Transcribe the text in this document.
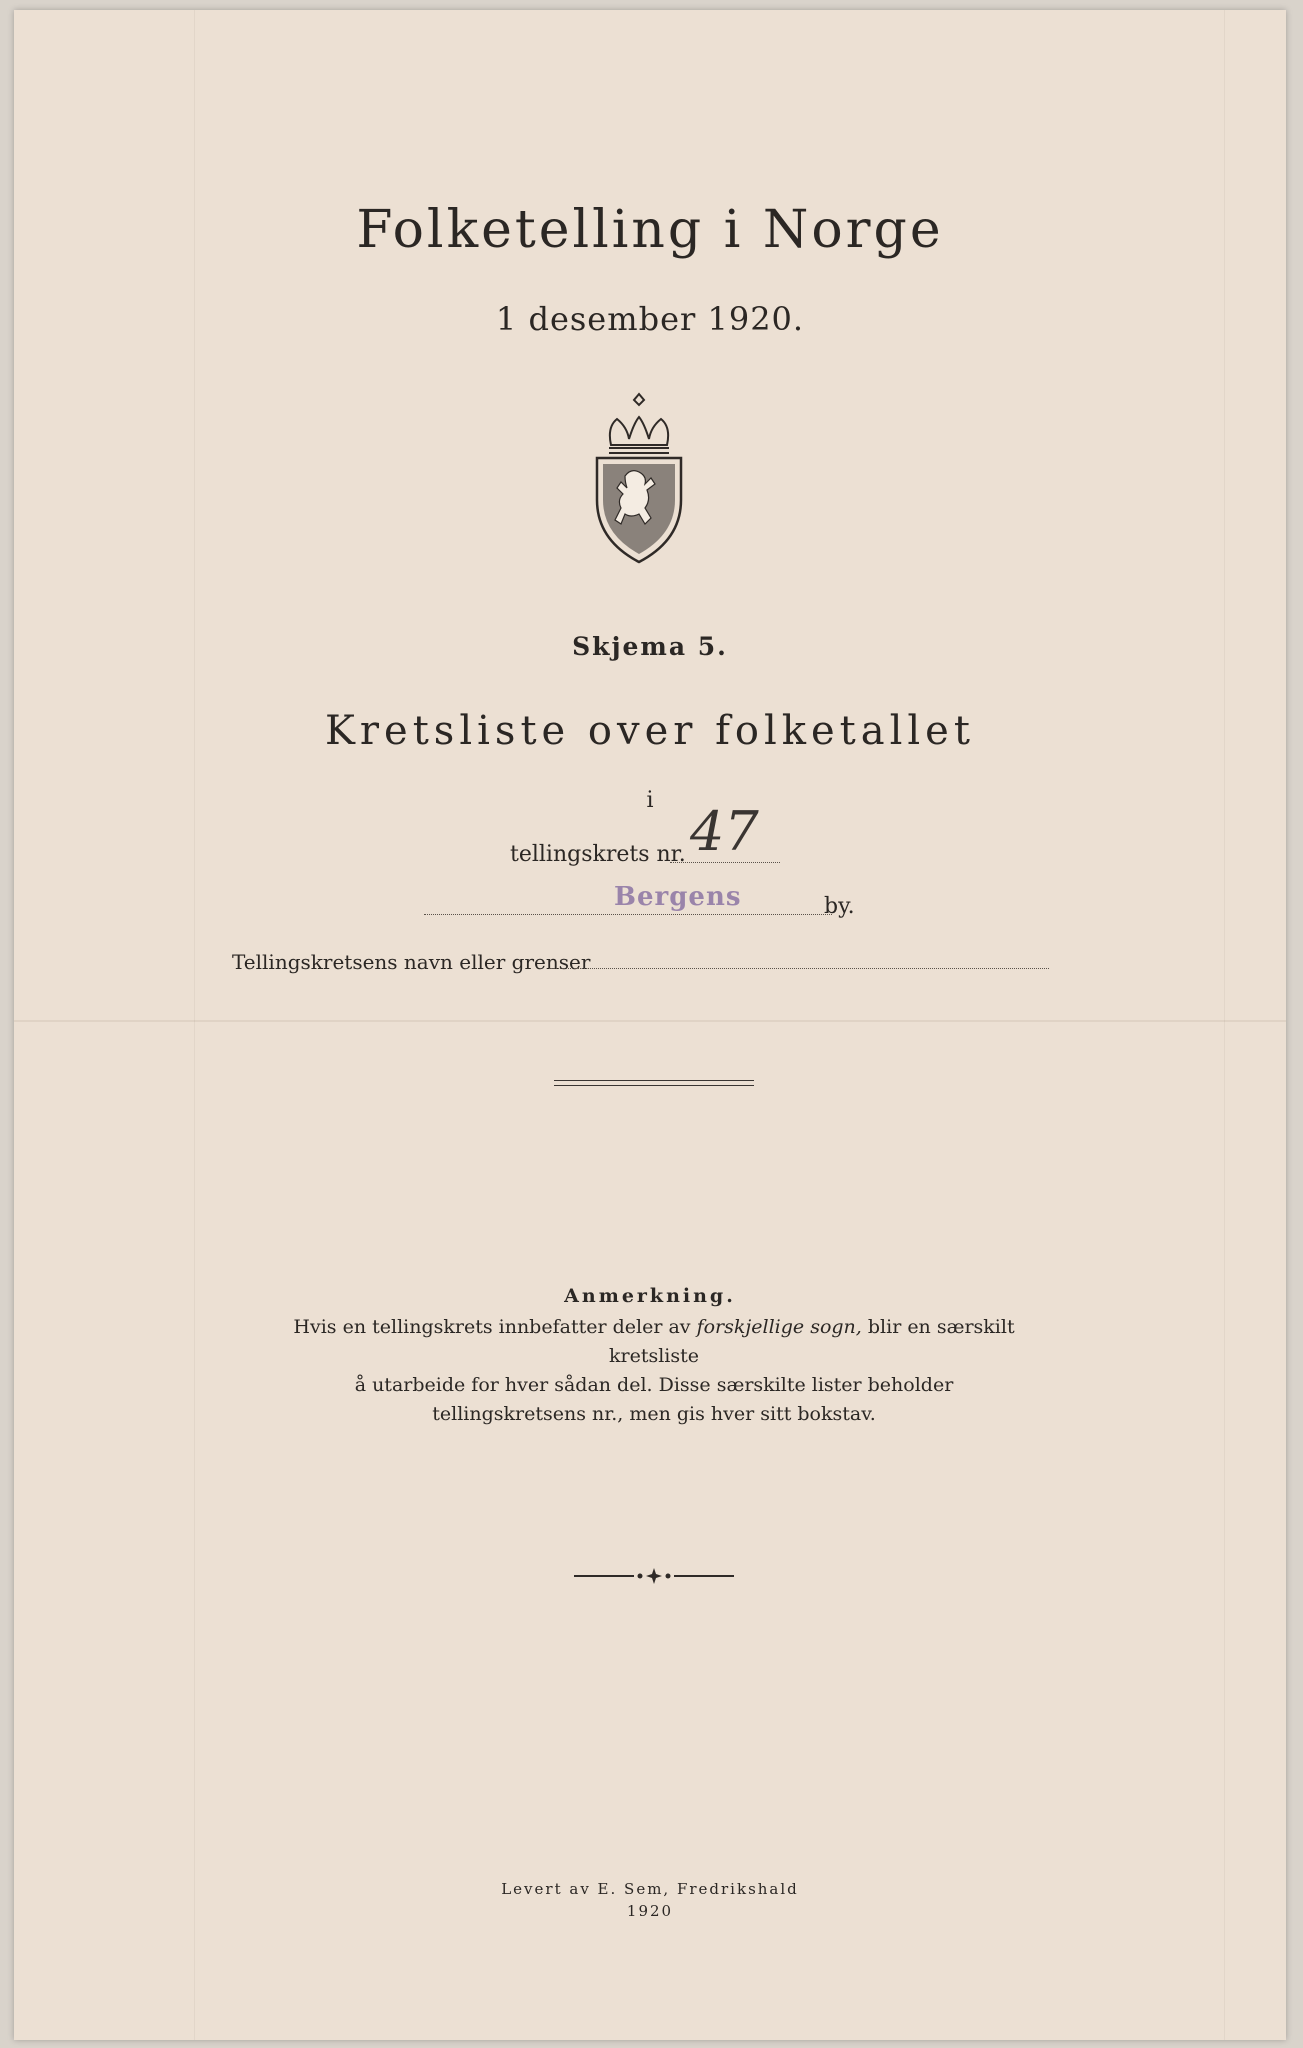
Folketelling i Norge
1 desember 1920.
Skjema 5.
Kretsliste over folketallet
i
tellingskrets nr. 47
Bergens	by.
Tellingskretsens navn eller grenser
Anmerkning.
Hvis en tellingskrets innbefatter deler av forskjellige sogn, blir en særskilt kretsliste
å utarbeide for hver sådan del. Disse særskilte lister beholder
tellingskretsens nr., men gis hver sitt bokstav.
Levert av E. Sem, Fredrikshald
1920
